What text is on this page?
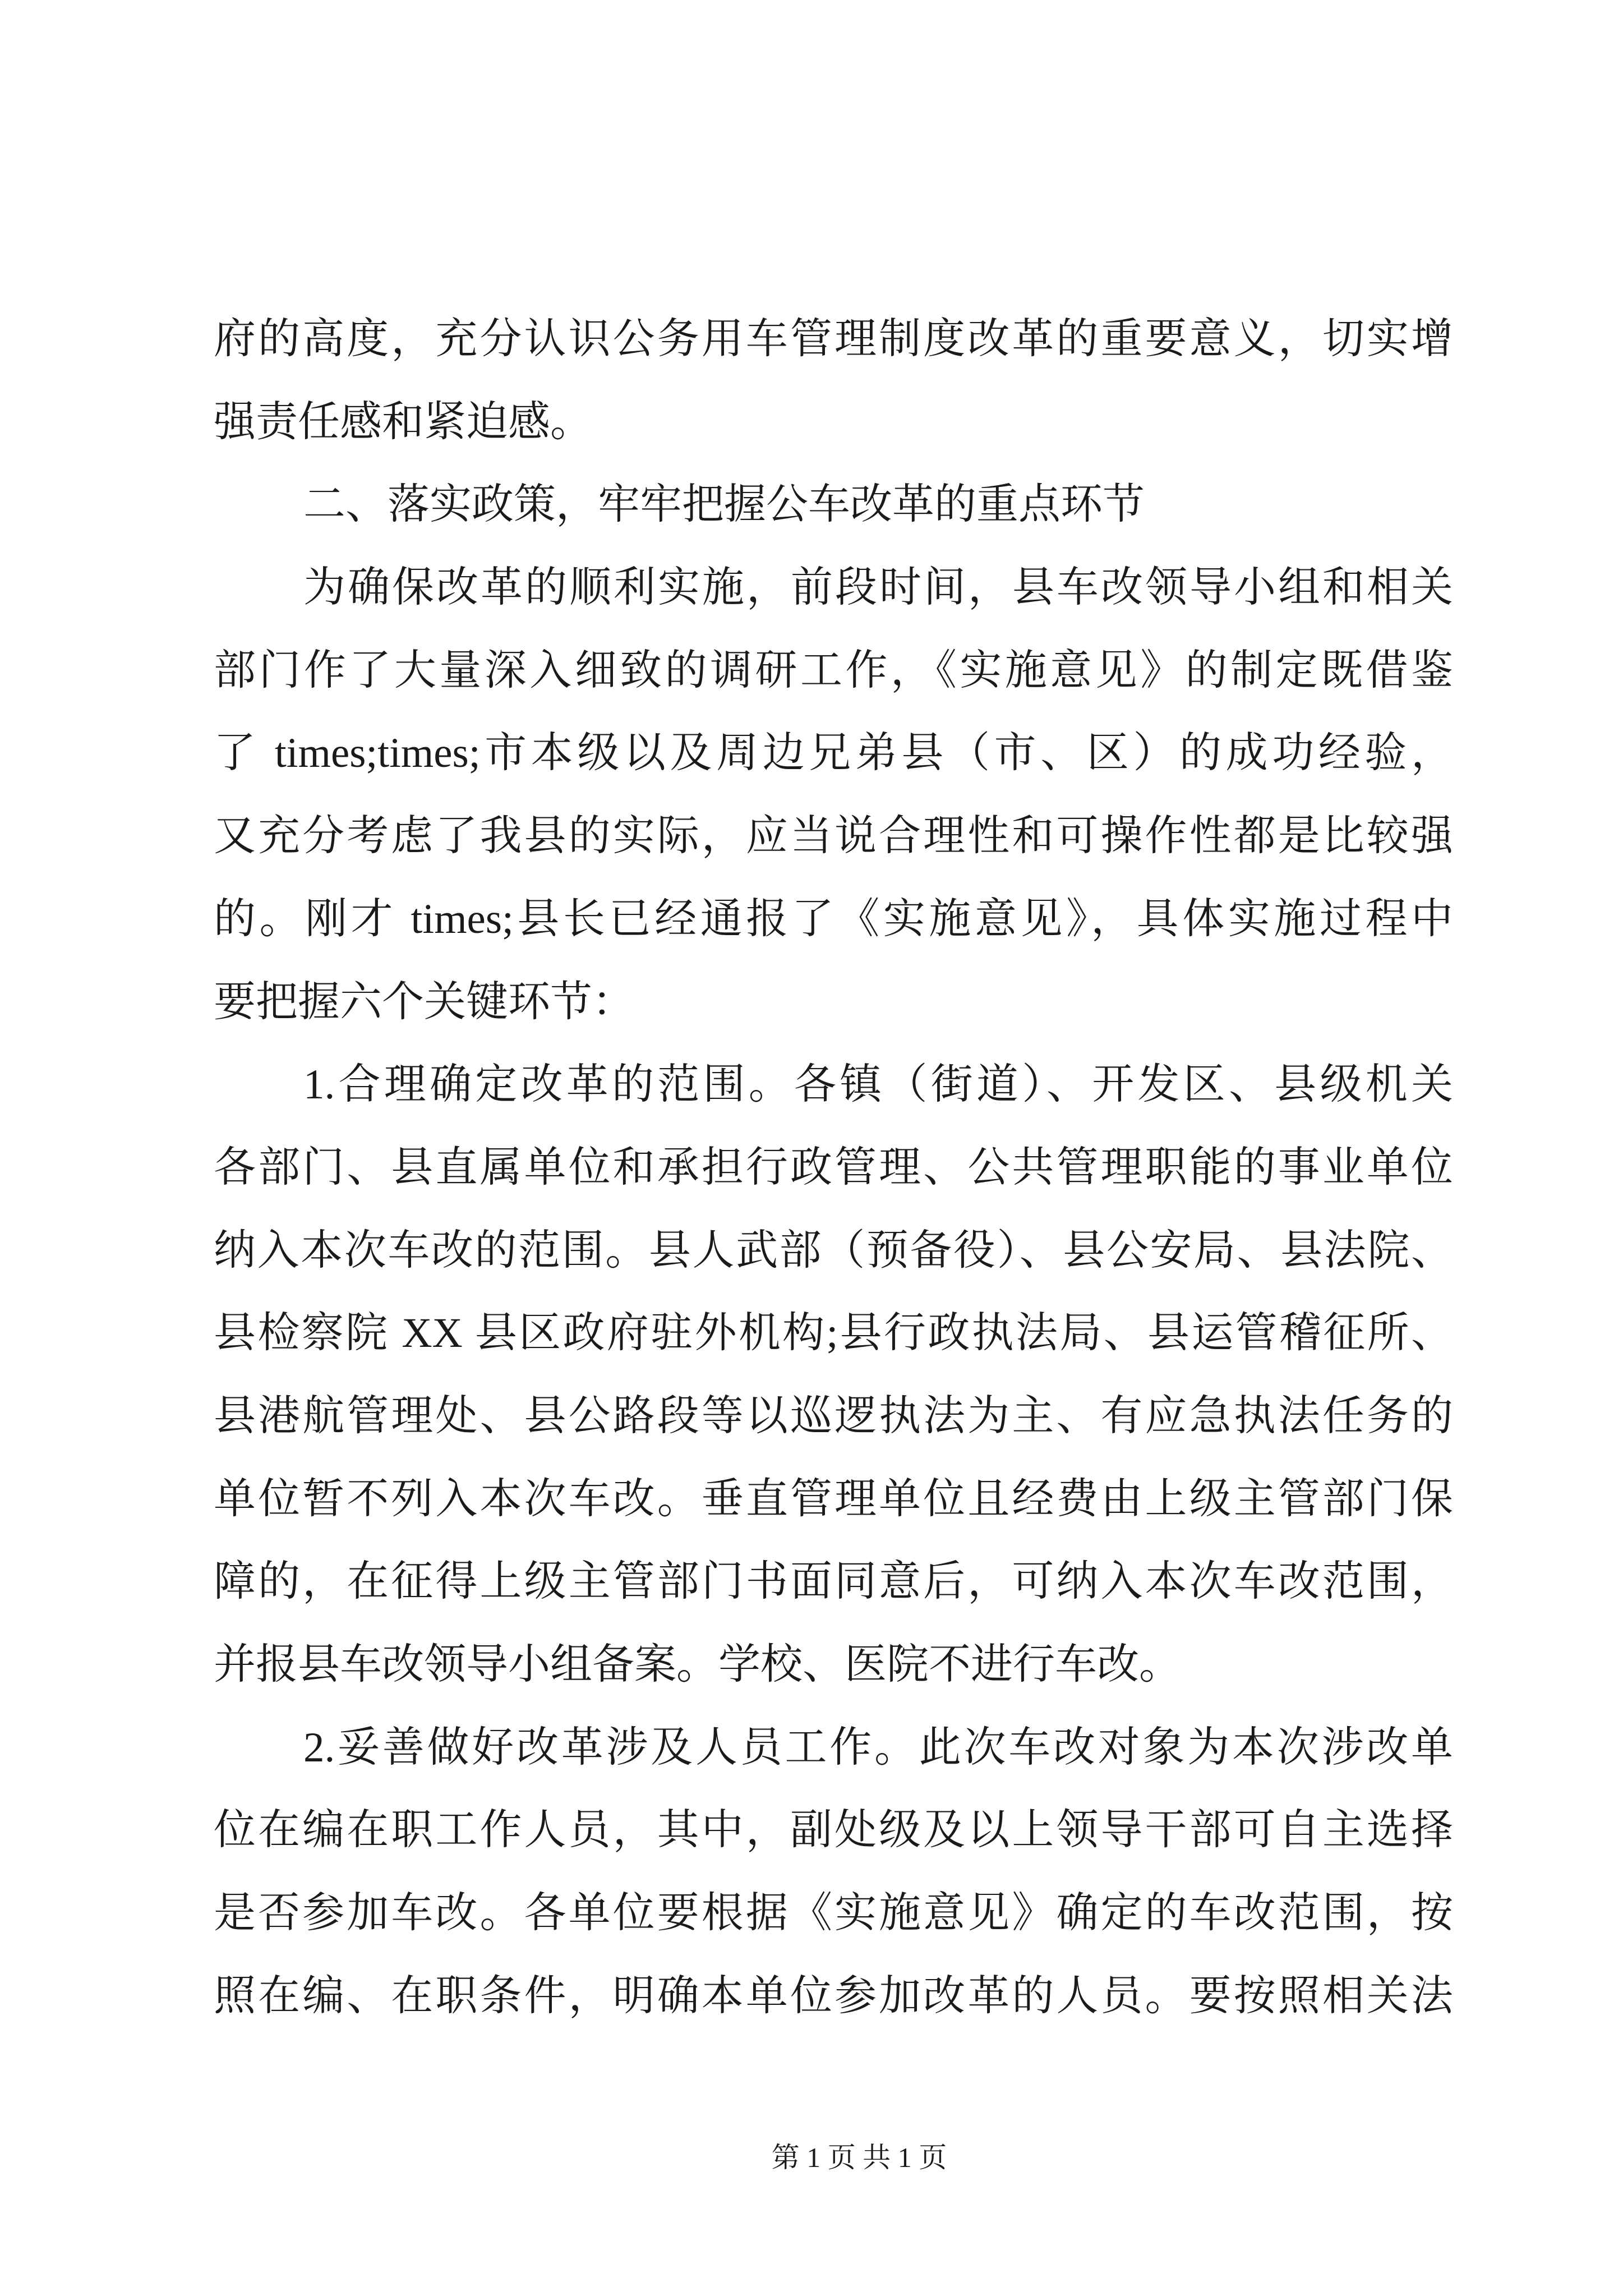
府的高度，充分认识公务用车管理制度改革的重要意义，切实增
强责任感和紧迫感。
二、落实政策，牢牢把握公车改革的重点环节
为确保改革的顺利实施，前段时间，县车改领导小组和相关
部门作了大量深入细致的调研工作，《实施意见》的制定既借鉴
了 times;times;市本级以及周边兄弟县（市、区）的成功经验，
又充分考虑了我县的实际，应当说合理性和可操作性都是比较强
的。刚才 times;县长已经通报了《实施意见》，具体实施过程中
要把握六个关键环节：
1.合理确定改革的范围。各镇（街道）、开发区、县级机关
各部门、县直属单位和承担行政管理、公共管理职能的事业单位
纳入本次车改的范围。县人武部（预备役）、县公安局、县法院、
县检察院 XX 县区政府驻外机构;县行政执法局、县运管稽征所、
县港航管理处、县公路段等以巡逻执法为主、有应急执法任务的
单位暂不列入本次车改。垂直管理单位且经费由上级主管部门保
障的，在征得上级主管部门书面同意后，可纳入本次车改范围，
并报县车改领导小组备案。学校、医院不进行车改。
2.妥善做好改革涉及人员工作。此次车改对象为本次涉改单
位在编在职工作人员，其中，副处级及以上领导干部可自主选择
是否参加车改。各单位要根据《实施意见》确定的车改范围，按
照在编、在职条件，明确本单位参加改革的人员。要按照相关法
第 1 页 共 1 页
